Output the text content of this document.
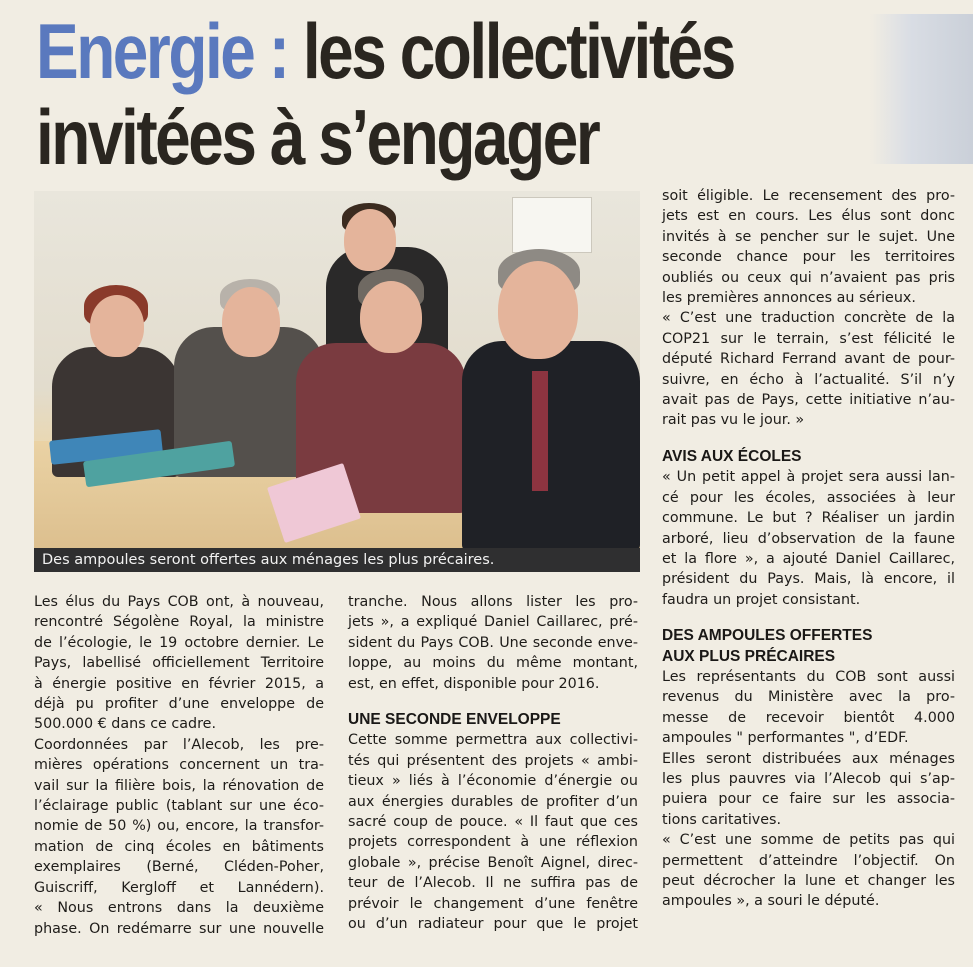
Energie : les collectivités
invitées à s’engager

Des ampoules seront offertes aux ménages les plus précaires.
Les élus du Pays COB ont, à nouveau,
rencontré Ségolène Royal, la ministre
de l’écologie, le 19 octobre dernier. Le
Pays, labellisé officiellement Territoire
à énergie positive en février 2015, a
déjà pu profiter d’une enveloppe de
500.000 € dans ce cadre.
Coordonnées par l’Alecob, les pre-
mières opérations concernent un tra-
vail sur la filière bois, la rénovation de
l’éclairage public (tablant sur une éco-
nomie de 50 %) ou, encore, la transfor-
mation de cinq écoles en bâtiments
exemplaires (Berné, Cléden-Poher,
Guiscriff, Kergloff et Lannédern).
« Nous entrons dans la deuxième
phase. On redémarre sur une nouvelle
tranche. Nous allons lister les pro-
jets », a expliqué Daniel Caillarec, pré-
sident du Pays COB. Une seconde enve-
loppe, au moins du même montant,
est, en effet, disponible pour 2016.
UNE SECONDE ENVELOPPE
Cette somme permettra aux collectivi-
tés qui présentent des projets « ambi-
tieux » liés à l’économie d’énergie ou
aux énergies durables de profiter d’un
sacré coup de pouce. « Il faut que ces
projets correspondent à une réflexion
globale », précise Benoît Aignel, direc-
teur de l’Alecob. Il ne suffira pas de
prévoir le changement d’une fenêtre
ou d’un radiateur pour que le projet
soit éligible. Le recensement des pro-
jets est en cours. Les élus sont donc
invités à se pencher sur le sujet. Une
seconde chance pour les territoires
oubliés ou ceux qui n’avaient pas pris
les premières annonces au sérieux.
« C’est une traduction concrète de la
COP21 sur le terrain, s’est félicité le
député Richard Ferrand avant de pour-
suivre, en écho à l’actualité. S’il n’y
avait pas de Pays, cette initiative n’au-
rait pas vu le jour. »
AVIS AUX ÉCOLES
« Un petit appel à projet sera aussi lan-
cé pour les écoles, associées à leur
commune. Le but ? Réaliser un jardin
arboré, lieu d’observation de la faune
et la flore », a ajouté Daniel Caillarec,
président du Pays. Mais, là encore, il
faudra un projet consistant.
DES AMPOULES OFFERTES
AUX PLUS PRÉCAIRES
Les représentants du COB sont aussi
revenus du Ministère avec la pro-
messe de recevoir bientôt 4.000
ampoules " performantes ", d’EDF.
Elles seront distribuées aux ménages
les plus pauvres via l’Alecob qui s’ap-
puiera pour ce faire sur les associa-
tions caritatives.
« C’est une somme de petits pas qui
permettent d’atteindre l’objectif. On
peut décrocher la lune et changer les
ampoules », a souri le député.
